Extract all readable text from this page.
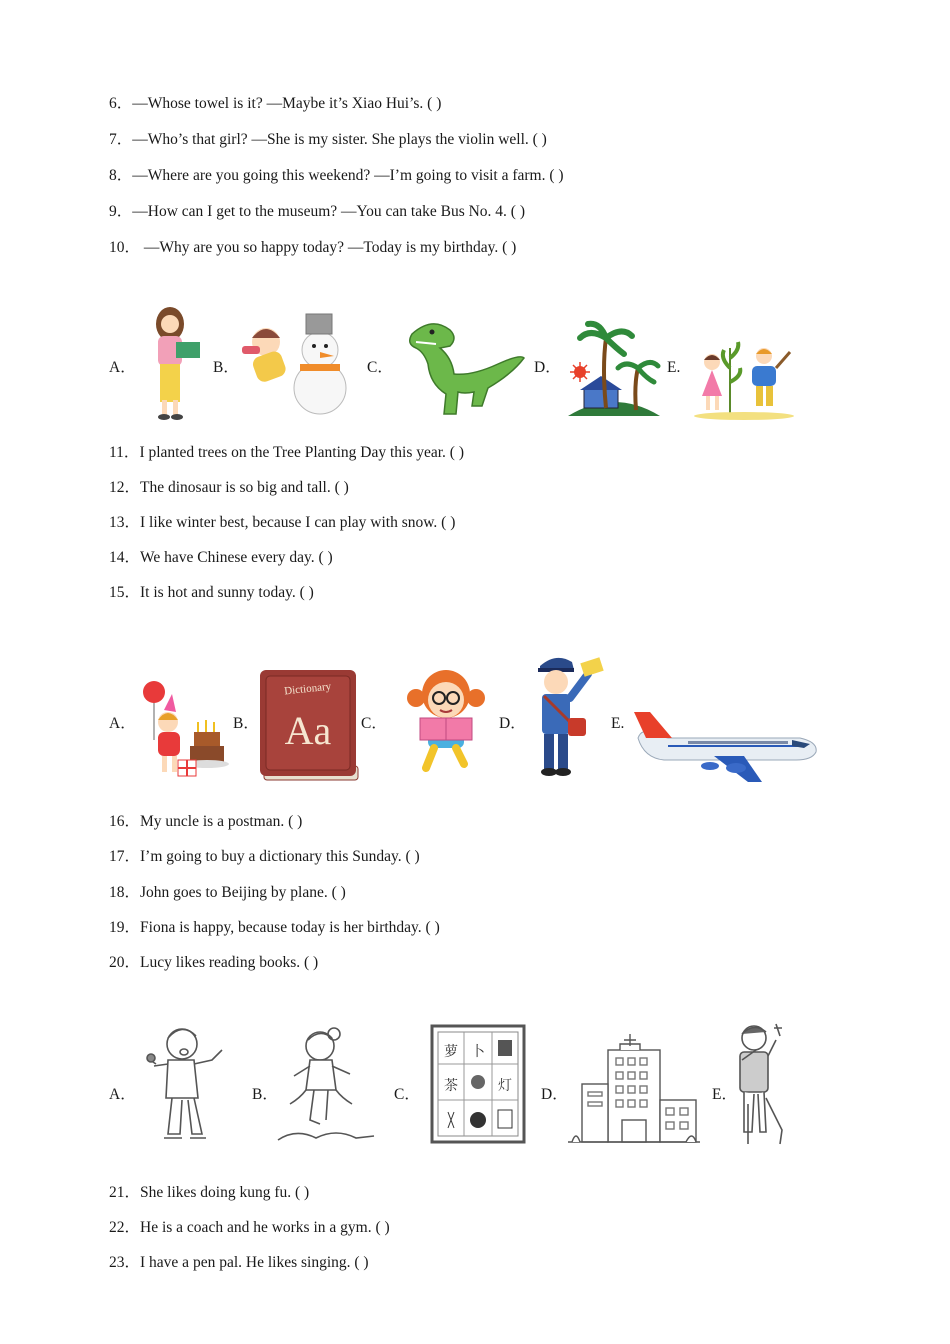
6．—Whose towel is it? —Maybe it’s Xiao Hui’s. ( )
7．—Who’s that girl? —She is my sister. She plays the violin well. ( )
8．—Where are you going this weekend? —I’m going to visit a farm. ( )
9．—How can I get to the museum? —You can take Bus No. 4. ( )
10． —Why are you so happy today? —Today is my birthday. ( )
A．	B．	C．	D．	E.
11．I planted trees on the Tree Planting Day this year. ( )
12．The dinosaur is so big and tall. ( )
13．I like winter best, because I can play with snow. ( )
14．We have Chinese every day. ( )
15．It is hot and sunny today. ( )
A．	B．
Dictionary
Aa C．	D．	E.
16．My uncle is a postman. ( )
17．I’m going to buy a dictionary this Sunday. ( )
18．John goes to Beijing by plane. ( )
19．Fiona is happy, because today is her birthday. ( )
20．Lucy likes reading books. ( )
A．	B．	C．
萝 卜
茶	灯 D．	E．
21．She likes doing kung fu. ( )
22．He is a coach and he works in a gym. ( )
23．I have a pen pal. He likes singing. ( )
